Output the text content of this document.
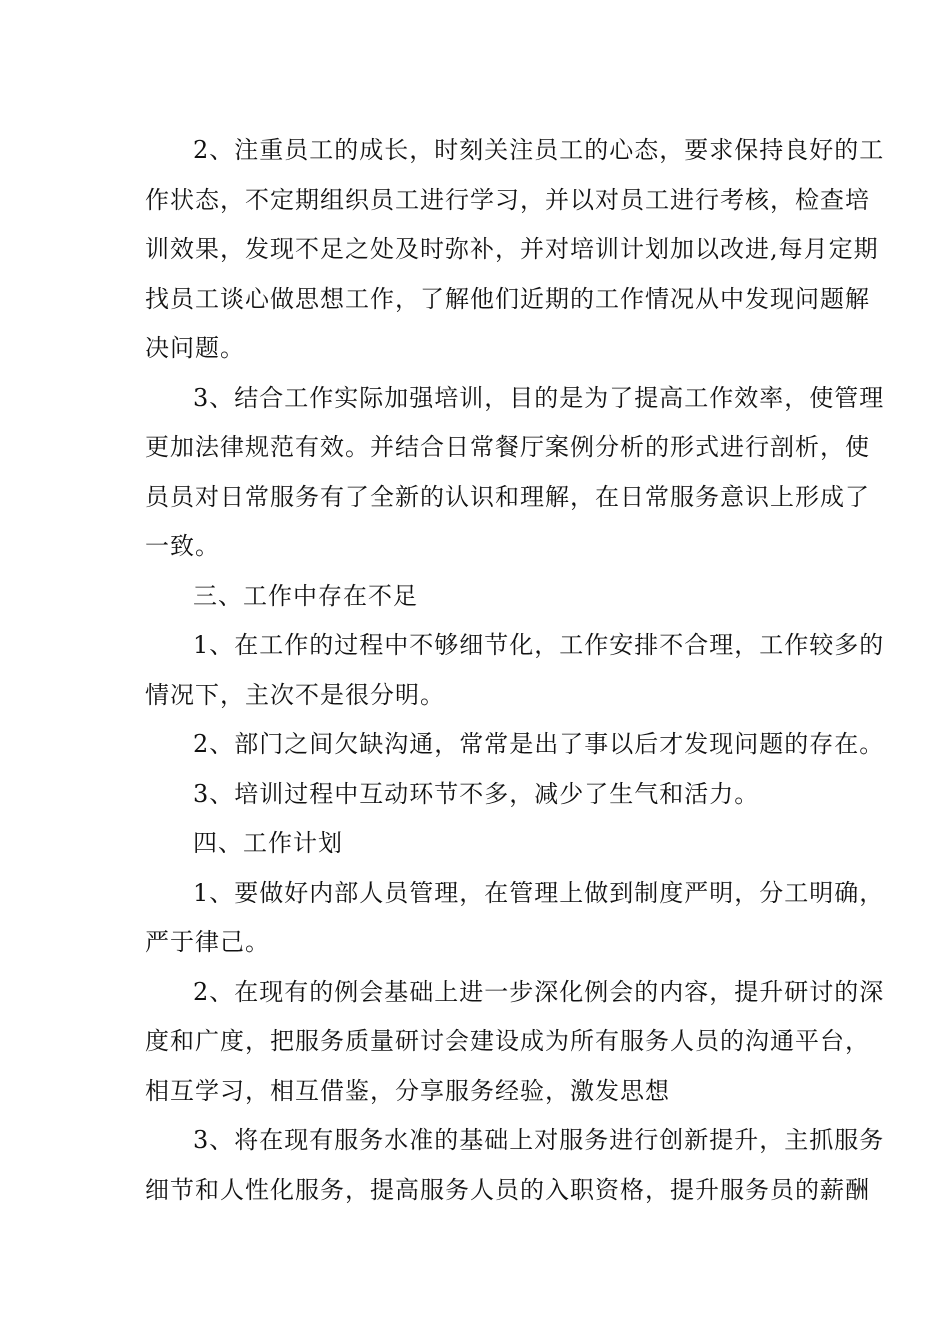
2、注重员工的成长，时刻关注员工的心态，要求保持良好的工
作状态，不定期组织员工进行学习，并以对员工进行考核，检查培
训效果，发现不足之处及时弥补，并对培训计划加以改进,每月定期
找员工谈心做思想工作，了解他们近期的工作情况从中发现问题解
决问题。

3、结合工作实际加强培训，目的是为了提高工作效率，使管理
更加法律规范有效。并结合日常餐厅案例分析的形式进行剖析，使
员员对日常服务有了全新的认识和理解，在日常服务意识上形成了
一致。

三、工作中存在不足

1、在工作的过程中不够细节化，工作安排不合理，工作较多的
情况下，主次不是很分明。

2、部门之间欠缺沟通，常常是出了事以后才发现问题的存在。

3、培训过程中互动环节不多，减少了生气和活力。

四、工作计划

1、要做好内部人员管理，在管理上做到制度严明，分工明确，
严于律己。

2、在现有的例会基础上进一步深化例会的内容，提升研讨的深
度和广度，把服务质量研讨会建设成为所有服务人员的沟通平台，
相互学习，相互借鉴，分享服务经验，激发思想

3、将在现有服务水准的基础上对服务进行创新提升，主抓服务
细节和人性化服务，提高服务人员的入职资格，提升服务员的薪酬
